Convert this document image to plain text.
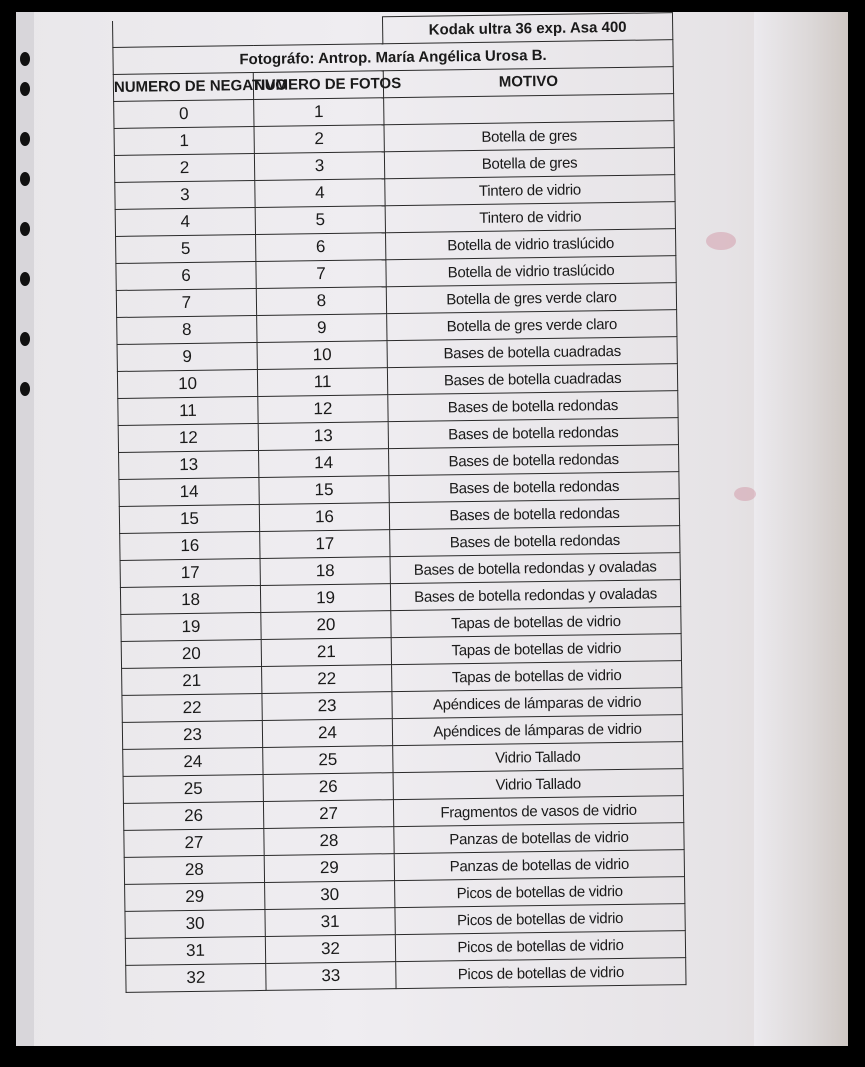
		Kodak ultra 36 exp. Asa 400
Fotográfo: Antrop. María Angélica Urosa B.		
NUMERO DE NEGATIVO	NUMERO DE FOTOS	MOTIVO
0	1	
1	2	Botella de gres
2	3	Botella de gres
3	4	Tintero de vidrio
4	5	Tintero de vidrio
5	6	Botella de vidrio traslúcido
6	7	Botella de vidrio traslúcido
7	8	Botella de gres verde claro
8	9	Botella de gres verde claro
9	10	Bases de botella cuadradas
10	11	Bases de botella cuadradas
11	12	Bases de botella redondas
12	13	Bases de botella redondas
13	14	Bases de botella redondas
14	15	Bases de botella redondas
15	16	Bases de botella redondas
16	17	Bases de botella redondas
17	18	Bases de botella redondas y ovaladas
18	19	Bases de botella redondas y ovaladas
19	20	Tapas de botellas de vidrio
20	21	Tapas de botellas de vidrio
21	22	Tapas de botellas de vidrio
22	23	Apéndices de lámparas de vidrio
23	24	Apéndices de lámparas de vidrio
24	25	Vidrio Tallado
25	26	Vidrio Tallado
26	27	Fragmentos de vasos de vidrio
27	28	Panzas de botellas de vidrio
28	29	Panzas de botellas de vidrio
29	30	Picos de botellas de vidrio
30	31	Picos de botellas de vidrio
31	32	Picos de botellas de vidrio
32	33	Picos de botellas de vidrio
